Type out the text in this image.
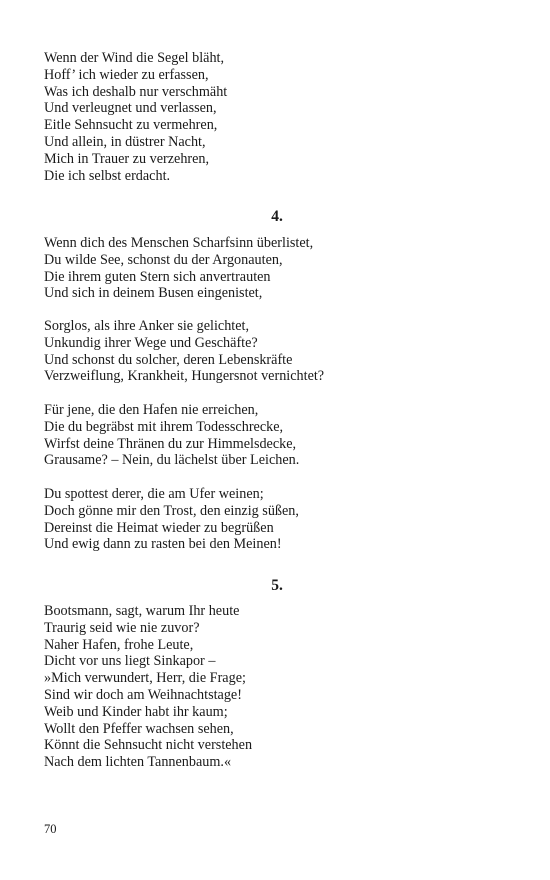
Wenn der Wind die Segel bläht,
Hoff’ ich wieder zu erfassen,
Was ich deshalb nur verschmäht
Und verleugnet und verlassen,
Eitle Sehnsucht zu vermehren,
Und allein, in düstrer Nacht,
Mich in Trauer zu verzehren,
Die ich selbst erdacht.
4.
Wenn dich des Menschen Scharfsinn überlistet,
Du wilde See, schonst du der Argonauten,
Die ihrem guten Stern sich anvertrauten
Und sich in deinem Busen eingenistet,
Sorglos, als ihre Anker sie gelichtet,
Unkundig ihrer Wege und Geschäfte?
Und schonst du solcher, deren Lebenskräfte
Verzweiflung, Krankheit, Hungersnot vernichtet?
Für jene, die den Hafen nie erreichen,
Die du begräbst mit ihrem Todesschrecke,
Wirfst deine Thränen du zur Himmelsdecke,
Grausame? – Nein, du lächelst über Leichen.
Du spottest derer, die am Ufer weinen;
Doch gönne mir den Trost, den einzig süßen,
Dereinst die Heimat wieder zu begrüßen
Und ewig dann zu rasten bei den Meinen!
5.
Bootsmann, sagt, warum Ihr heute
Traurig seid wie nie zuvor?
Naher Hafen, frohe Leute,
Dicht vor uns liegt Sinkapor –
»Mich verwundert, Herr, die Frage;
Sind wir doch am Weihnachtstage!
Weib und Kinder habt ihr kaum;
Wollt den Pfeffer wachsen sehen,
Könnt die Sehnsucht nicht verstehen
Nach dem lichten Tannenbaum.«
70
